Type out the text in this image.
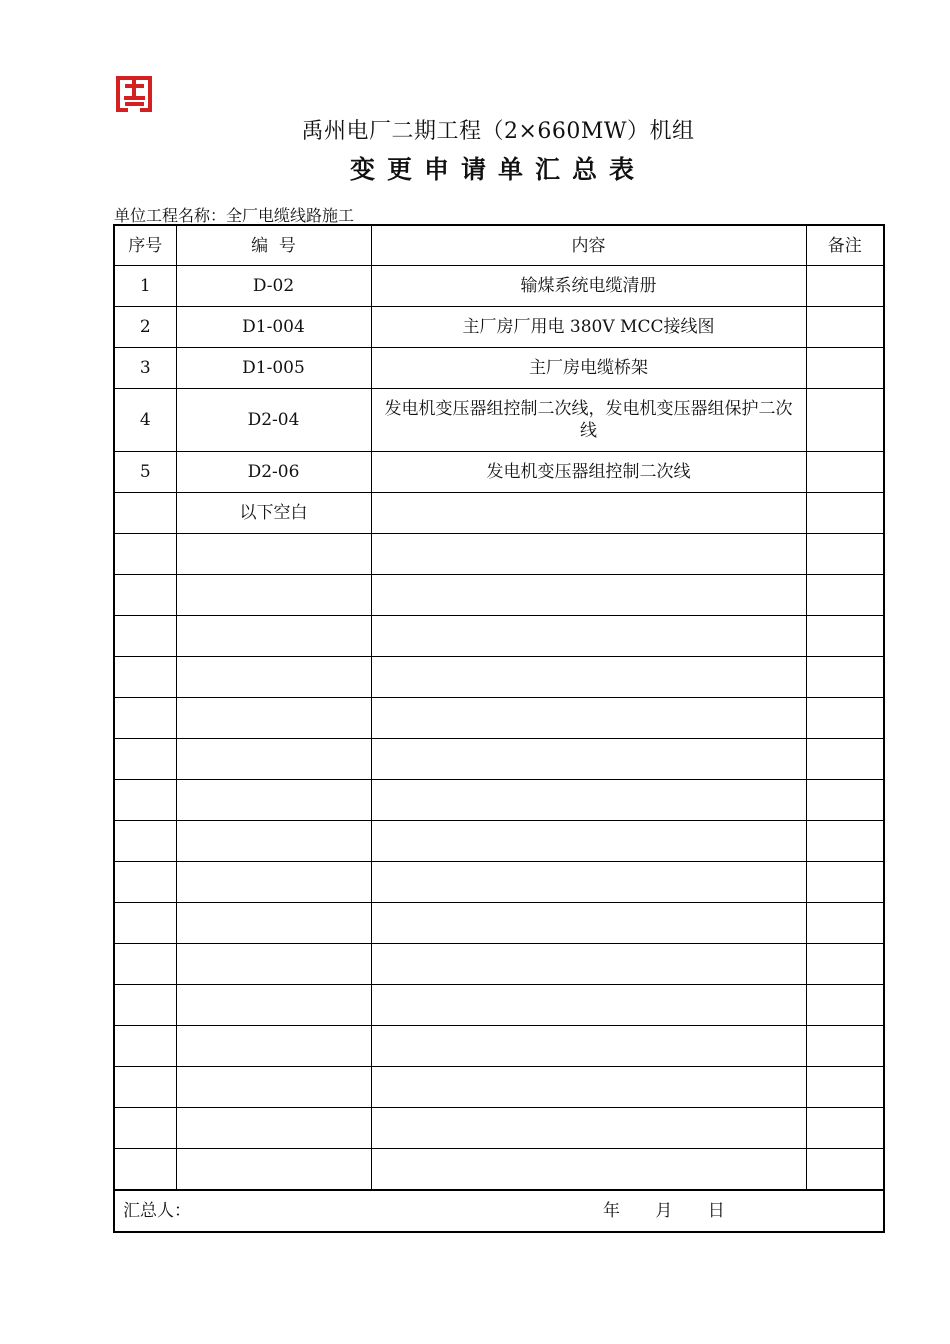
禹州电厂二期工程（2×660MW）机组
变更申请单汇总表
单位工程名称：全厂电缆线路施工
序号	编  号	内容	备注
1	D-02	输煤系统电缆清册	
2	D1-004	主厂房厂用电 380V MCC接线图	
3	D1-005	主厂房电缆桥架	
4	D2-04	发电机变压器组控制二次线，发电机变压器组保护二次线	
5	D2-06	发电机变压器组控制二次线	
	以下空白		

汇总人： 年 月 日			
